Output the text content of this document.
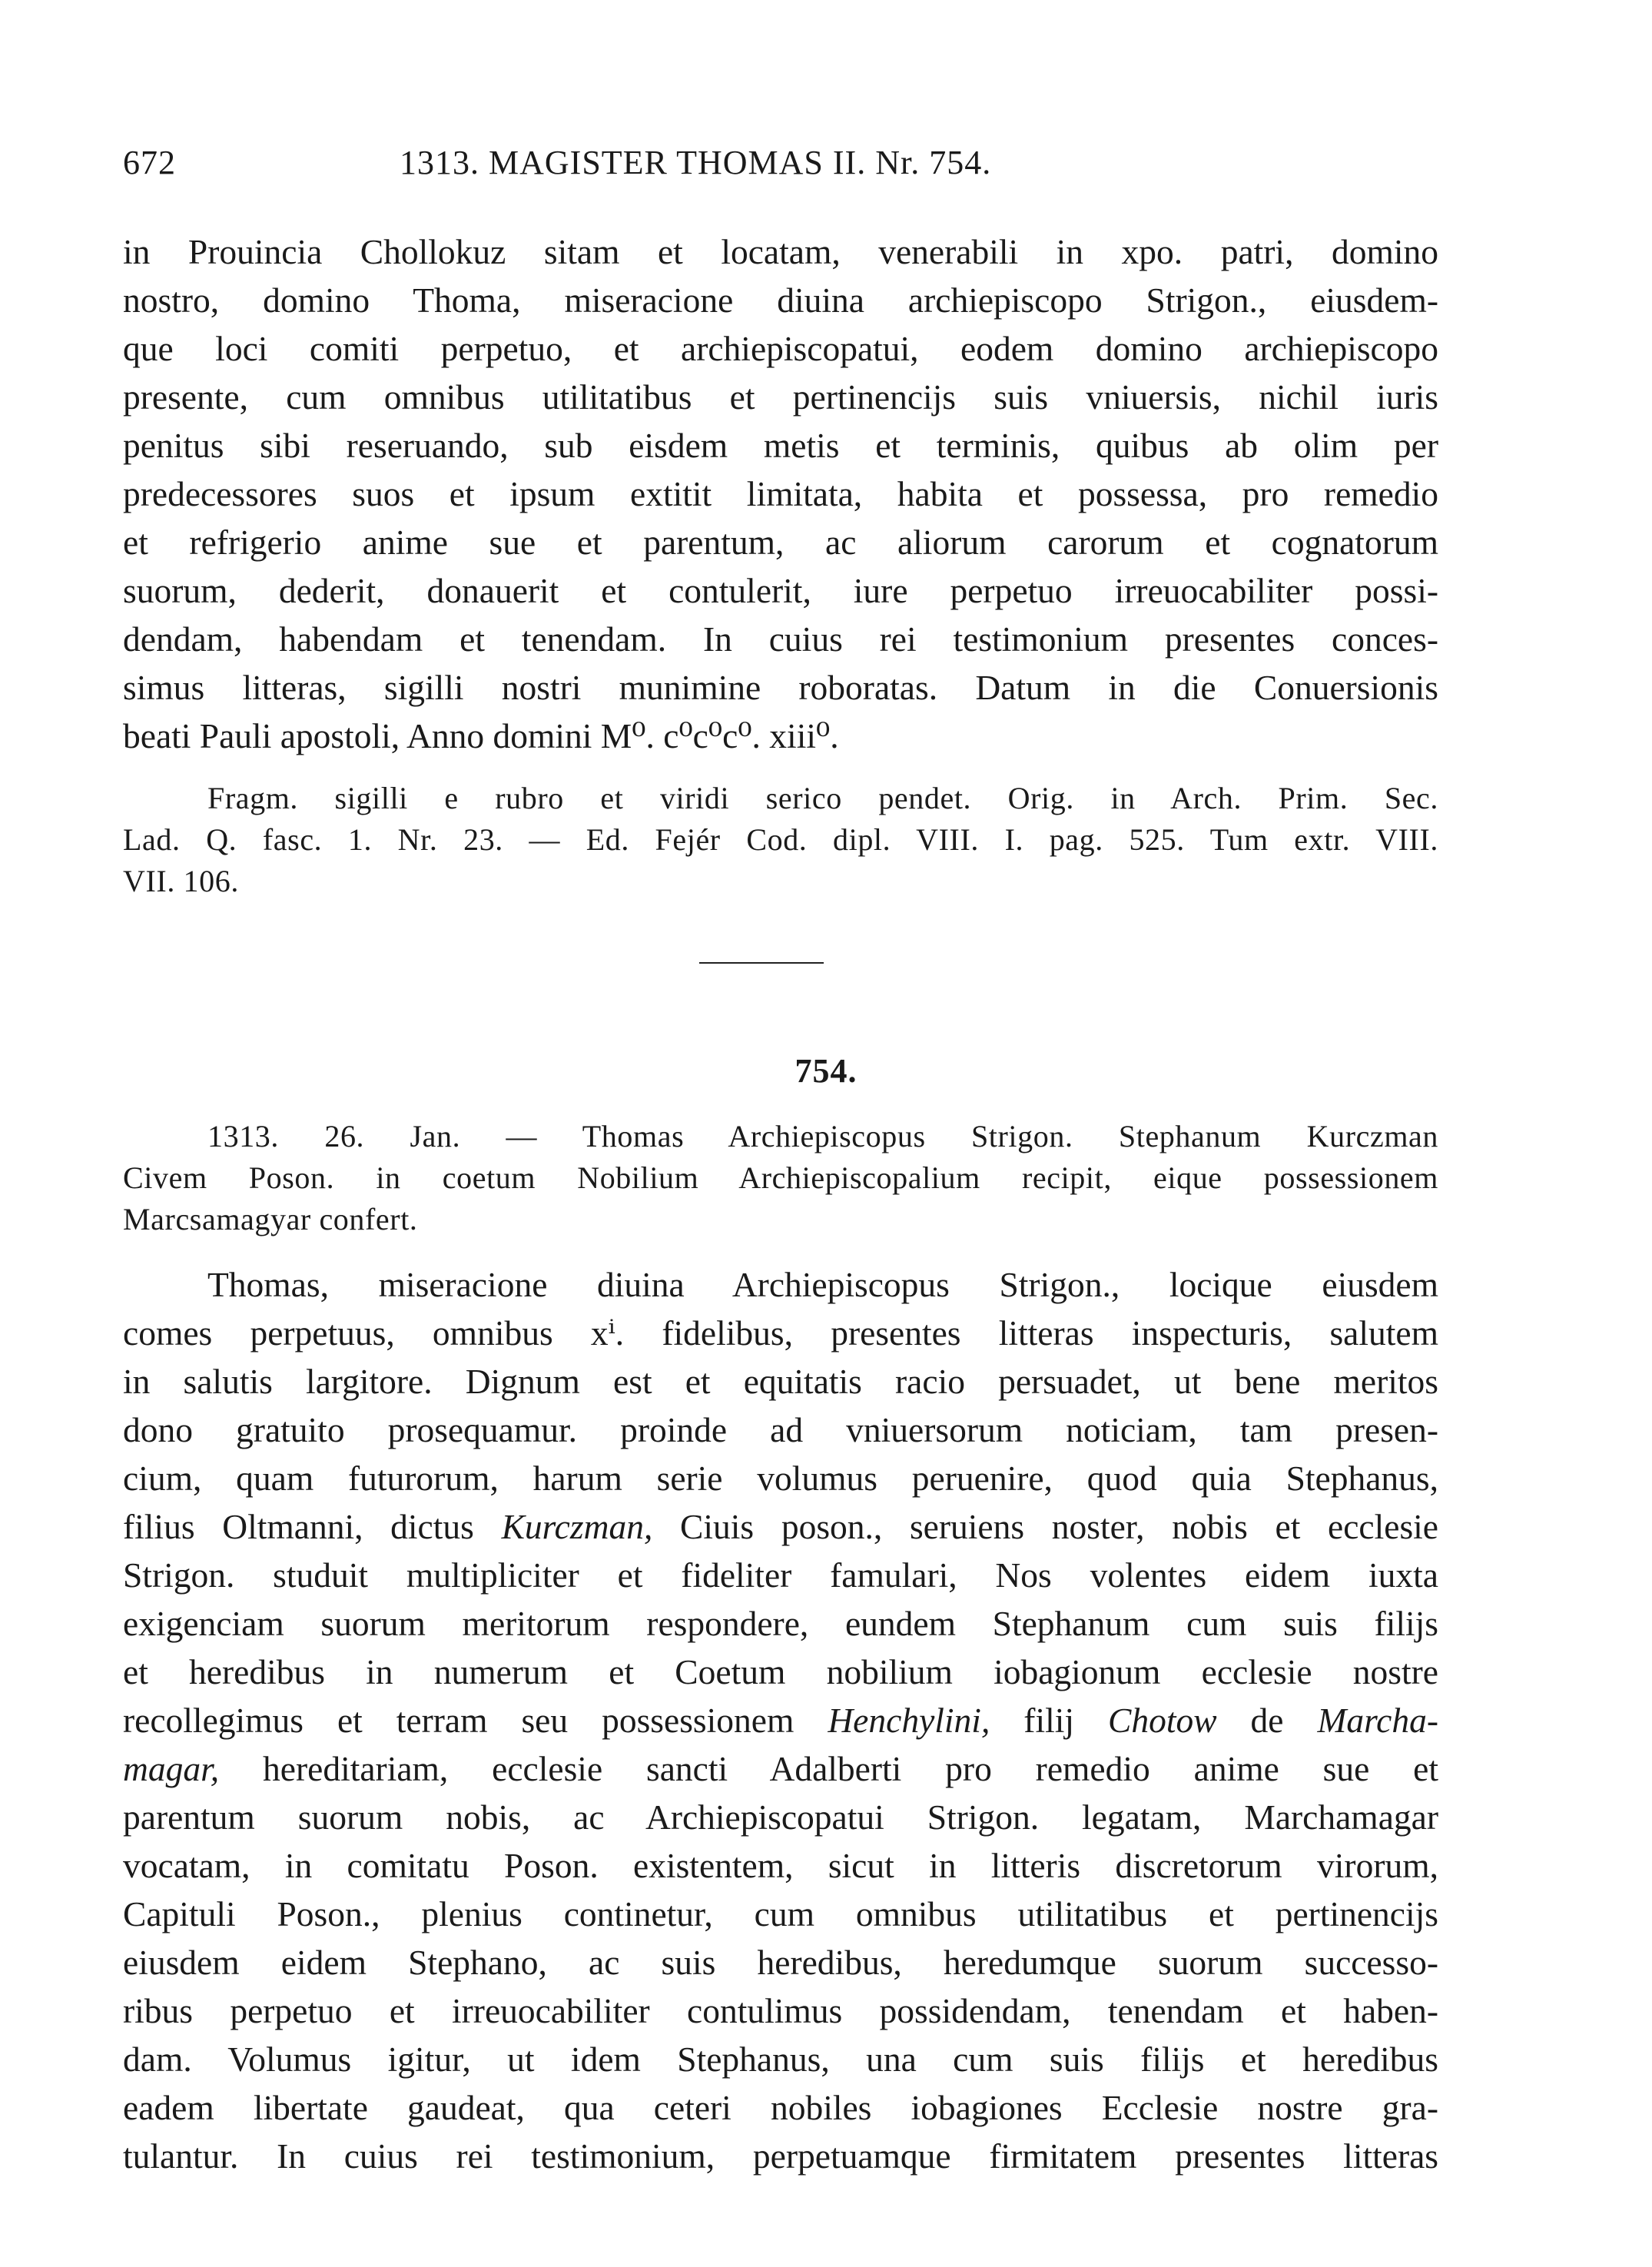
672	1313. MAGISTER THOMAS II. Nr. 754.
in Prouincia Chollokuz sitam et locatam, venerabili in xpo. patri, domino
nostro, domino Thoma, miseracione diuina archiepiscopo Strigon., eiusdem-
que loci comiti perpetuo, et archiepiscopatui, eodem domino archiepiscopo
presente, cum omnibus utilitatibus et pertinencijs suis vniuersis, nichil iuris
penitus sibi reseruando, sub eisdem metis et terminis, quibus ab olim per
predecessores suos et ipsum extitit limitata, habita et possessa, pro remedio
et refrigerio anime sue et parentum, ac aliorum carorum et cognatorum
suorum, dederit, donauerit et contulerit, iure perpetuo irreuocabiliter possi-
dendam, habendam et tenendam. In cuius rei testimonium presentes conces-
simus litteras, sigilli nostri munimine roboratas. Datum in die Conuersionis
beati Pauli apostoli, Anno domini M⁰. c⁰c⁰c⁰. xiii⁰.
Fragm. sigilli e rubro et viridi serico pendet. Orig. in Arch. Prim. Sec.
Lad. Q. fasc. 1. Nr. 23. — Ed. Fejér Cod. dipl. VIII. I. pag. 525. Tum extr. VIII.
VII. 106.
754.
1313. 26. Jan. — Thomas Archiepiscopus Strigon. Stephanum Kurczman
Civem Poson. in coetum Nobilium Archiepiscopalium recipit, eique possessionem
Marcsamagyar confert.
Thomas, miseracione diuina Archiepiscopus Strigon., locique eiusdem
comes perpetuus, omnibus xⁱ. fidelibus, presentes litteras inspecturis, salutem
in salutis largitore. Dignum est et equitatis racio persuadet, ut bene meritos
dono gratuito prosequamur. proinde ad vniuersorum noticiam, tam presen-
cium, quam futurorum, harum serie volumus peruenire, quod quia Stephanus,
filius Oltmanni, dictus Kurczman, Ciuis poson., seruiens noster, nobis et ecclesie
Strigon. studuit multipliciter et fideliter famulari, Nos volentes eidem iuxta
exigenciam suorum meritorum respondere, eundem Stephanum cum suis filijs
et heredibus in numerum et Coetum nobilium iobagionum ecclesie nostre
recollegimus et terram seu possessionem Henchylini, filij Chotow de Marcha-
magar, hereditariam, ecclesie sancti Adalberti pro remedio anime sue et
parentum suorum nobis, ac Archiepiscopatui Strigon. legatam, Marchamagar
vocatam, in comitatu Poson. existentem, sicut in litteris discretorum virorum,
Capituli Poson., plenius continetur, cum omnibus utilitatibus et pertinencijs
eiusdem eidem Stephano, ac suis heredibus, heredumque suorum successo-
ribus perpetuo et irreuocabiliter contulimus possidendam, tenendam et haben-
dam. Volumus igitur, ut idem Stephanus, una cum suis filijs et heredibus
eadem libertate gaudeat, qua ceteri nobiles iobagiones Ecclesie nostre gra-
tulantur. In cuius rei testimonium, perpetuamque firmitatem presentes litteras
